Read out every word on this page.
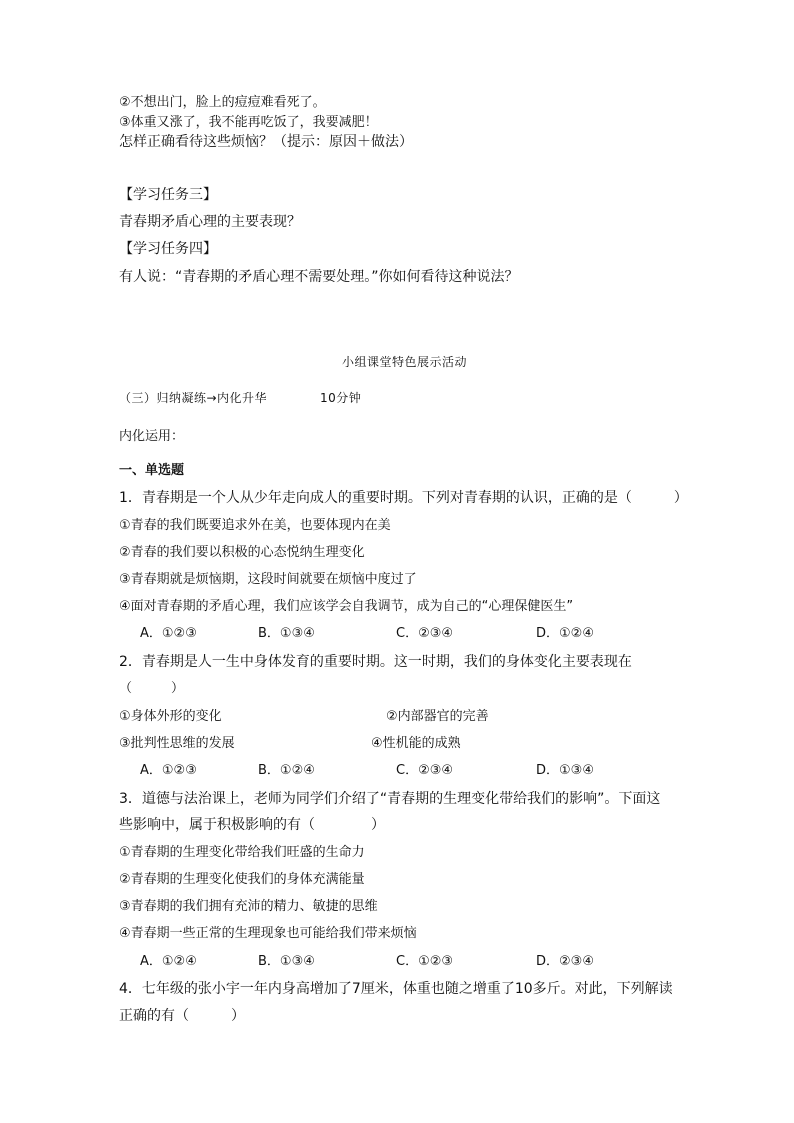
②不想出门，脸上的痘痘难看死了。
③体重又涨了，我不能再吃饭了，我要减肥！
怎样正确看待这些烦恼？（提示：原因＋做法）
【学习任务三】
青春期矛盾心理的主要表现？
【学习任务四】
有人说：“青春期的矛盾心理不需要处理。”你如何看待这种说法？
小组课堂特色展示活动
（三）归纳凝练→内化升华	10分钟
内化运用：
一、单选题
1．青春期是一个人从少年走向成人的重要时期。下列对青春期的认识，正确的是（　　　）
①青春的我们既要追求外在美，也要体现内在美
②青春的我们要以积极的心态悦纳生理变化
③青春期就是烦恼期，这段时间就要在烦恼中度过了
④面对青春期的矛盾心理，我们应该学会自我调节，成为自己的“心理保健医生”
A．①②③	B．①③④	C．②③④	D．①②④
2．青春期是人一生中身体发育的重要时期。这一时期，我们的身体变化主要表现在
（　　　）
①身体外形的变化	②内部器官的完善
③批判性思维的发展	④性机能的成熟
A．①②③	B．①②④	C．②③④	D．①③④
3．道德与法治课上，老师为同学们介绍了“青春期的生理变化带给我们的影响”。下面这
些影响中，属于积极影响的有（　　　　）
①青春期的生理变化带给我们旺盛的生命力
②青春期的生理变化使我们的身体充满能量
③青春期的我们拥有充沛的精力、敏捷的思维
④青春期一些正常的生理现象也可能给我们带来烦恼
A．①②④	B．①③④	C．①②③	D．②③④
4．七年级的张小宇一年内身高增加了7厘米，体重也随之增重了10多斤。对此，下列解读
正确的有（　　　）
